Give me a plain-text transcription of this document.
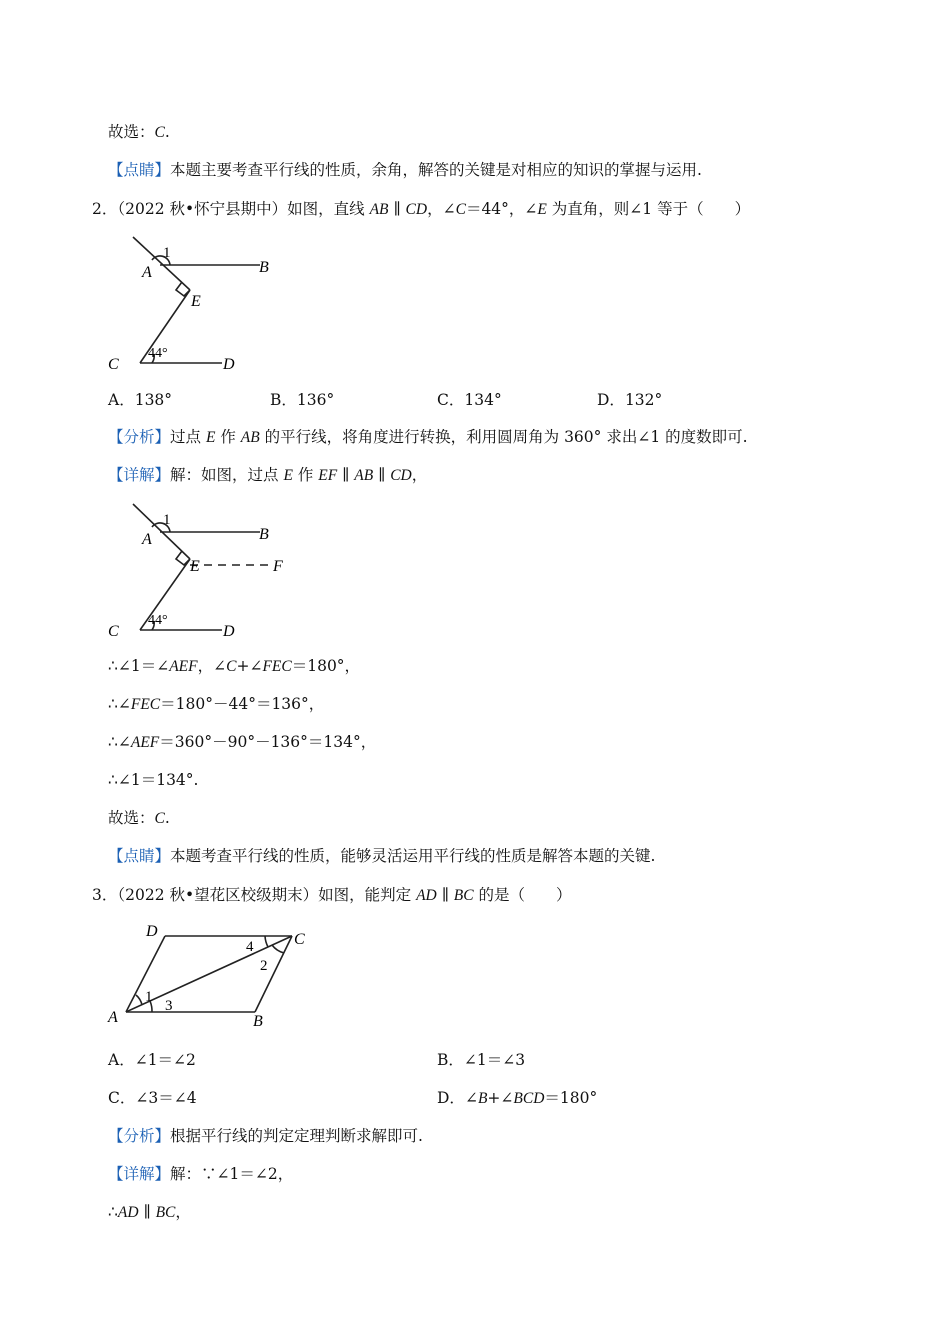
故选：C.
【点睛】本题主要考查平行线的性质，余角，解答的关键是对相应的知识的掌握与运用.
2．（2022 秋•怀宁县期中）如图，直线 AB ∥ CD，∠C＝44°，∠E 为直角，则∠1 等于（　　）
1
A	B
E
C	D
44°
A．138°	B．136°	C．134°	D．132°
【分析】过点 E 作 AB 的平行线，将角度进行转换，利用圆周角为 360° 求出∠1 的度数即可.
【详解】解：如图，过点 E 作 EF ∥ AB ∥ CD，
1
A	B
E	F
C	D
44°
∴∠1＝∠AEF，∠C+∠FEC＝180°，
∴∠FEC＝180°－44°＝136°，
∴∠AEF＝360°－90°－136°＝134°，
∴∠1＝134°.
故选：C.
【点睛】本题考查平行线的性质，能够灵活运用平行线的性质是解答本题的关键.
3．（2022 秋•望花区校级期末）如图，能判定 AD ∥ BC 的是（　　）
D	C
A	B
1
2
3
4
A．∠1＝∠2	B．∠1＝∠3
C．∠3＝∠4	D．∠B+∠BCD＝180°
【分析】根据平行线的判定定理判断求解即可.
【详解】解：∵∠1＝∠2，
∴AD ∥ BC，
